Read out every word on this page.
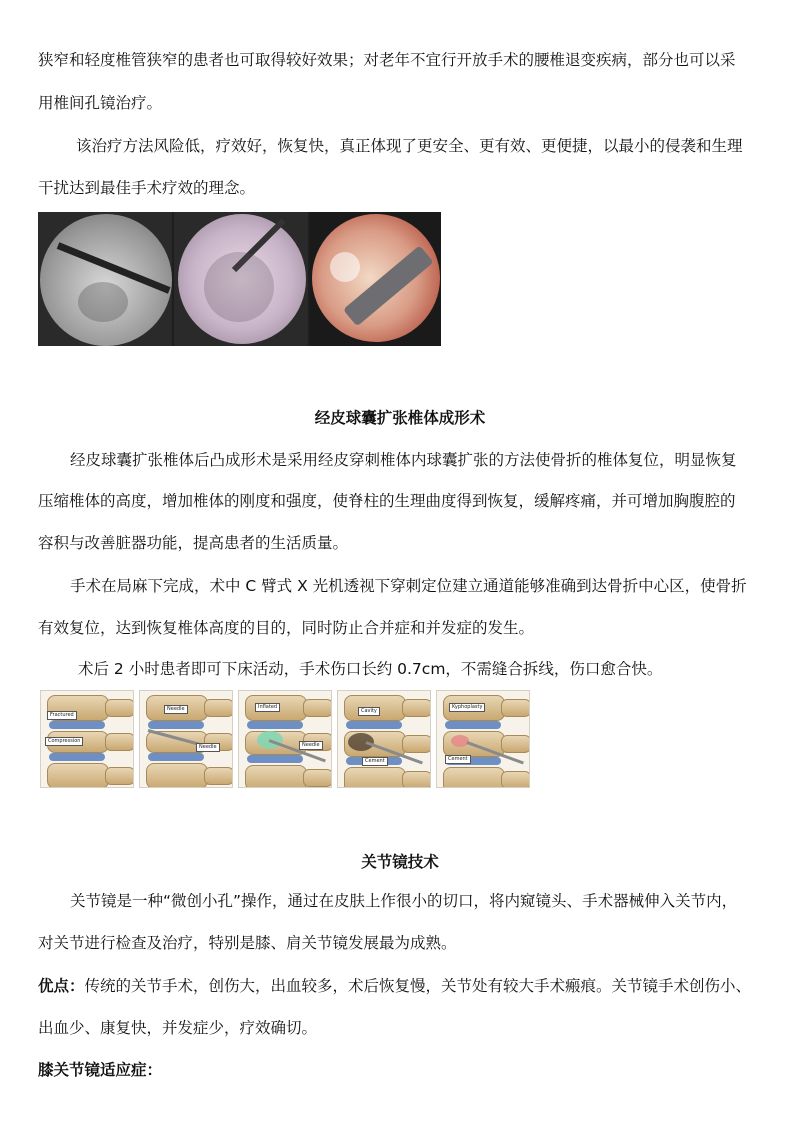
狭窄和轻度椎管狭窄的患者也可取得较好效果；对老年不宜行开放手术的腰椎退变疾病，部分也可以采
用椎间孔镜治疗。
该治疗方法风险低，疗效好，恢复快，真正体现了更安全、更有效、更便捷，以最小的侵袭和生理
干扰达到最佳手术疗效的理念。
经皮球囊扩张椎体成形术
经皮球囊扩张椎体后凸成形术是采用经皮穿刺椎体内球囊扩张的方法使骨折的椎体复位，明显恢复
压缩椎体的高度，增加椎体的刚度和强度，使脊柱的生理曲度得到恢复，缓解疼痛，并可增加胸腹腔的
容积与改善脏器功能，提高患者的生活质量。
手术在局麻下完成，术中 C 臂式 X 光机透视下穿刺定位建立通道能够准确到达骨折中心区，使骨折
有效复位，达到恢复椎体高度的目的，同时防止合并症和并发症的发生。
术后 2 小时患者即可下床活动，手术伤口长约 0.7cm，不需缝合拆线，伤口愈合快。
Fractured
Compression
Needle
Needle
Inflated
Needle
Cavity
Cement
Kyphoplasty
Cement
关节镜技术
关节镜是一种“微创小孔”操作，通过在皮肤上作很小的切口，将内窥镜头、手术器械伸入关节内，
对关节进行检查及治疗，特别是膝、肩关节镜发展最为成熟。
优点：传统的关节手术，创伤大，出血较多，术后恢复慢，关节处有较大手术瘢痕。关节镜手术创伤小、
出血少、康复快，并发症少，疗效确切。
膝关节镜适应症：
